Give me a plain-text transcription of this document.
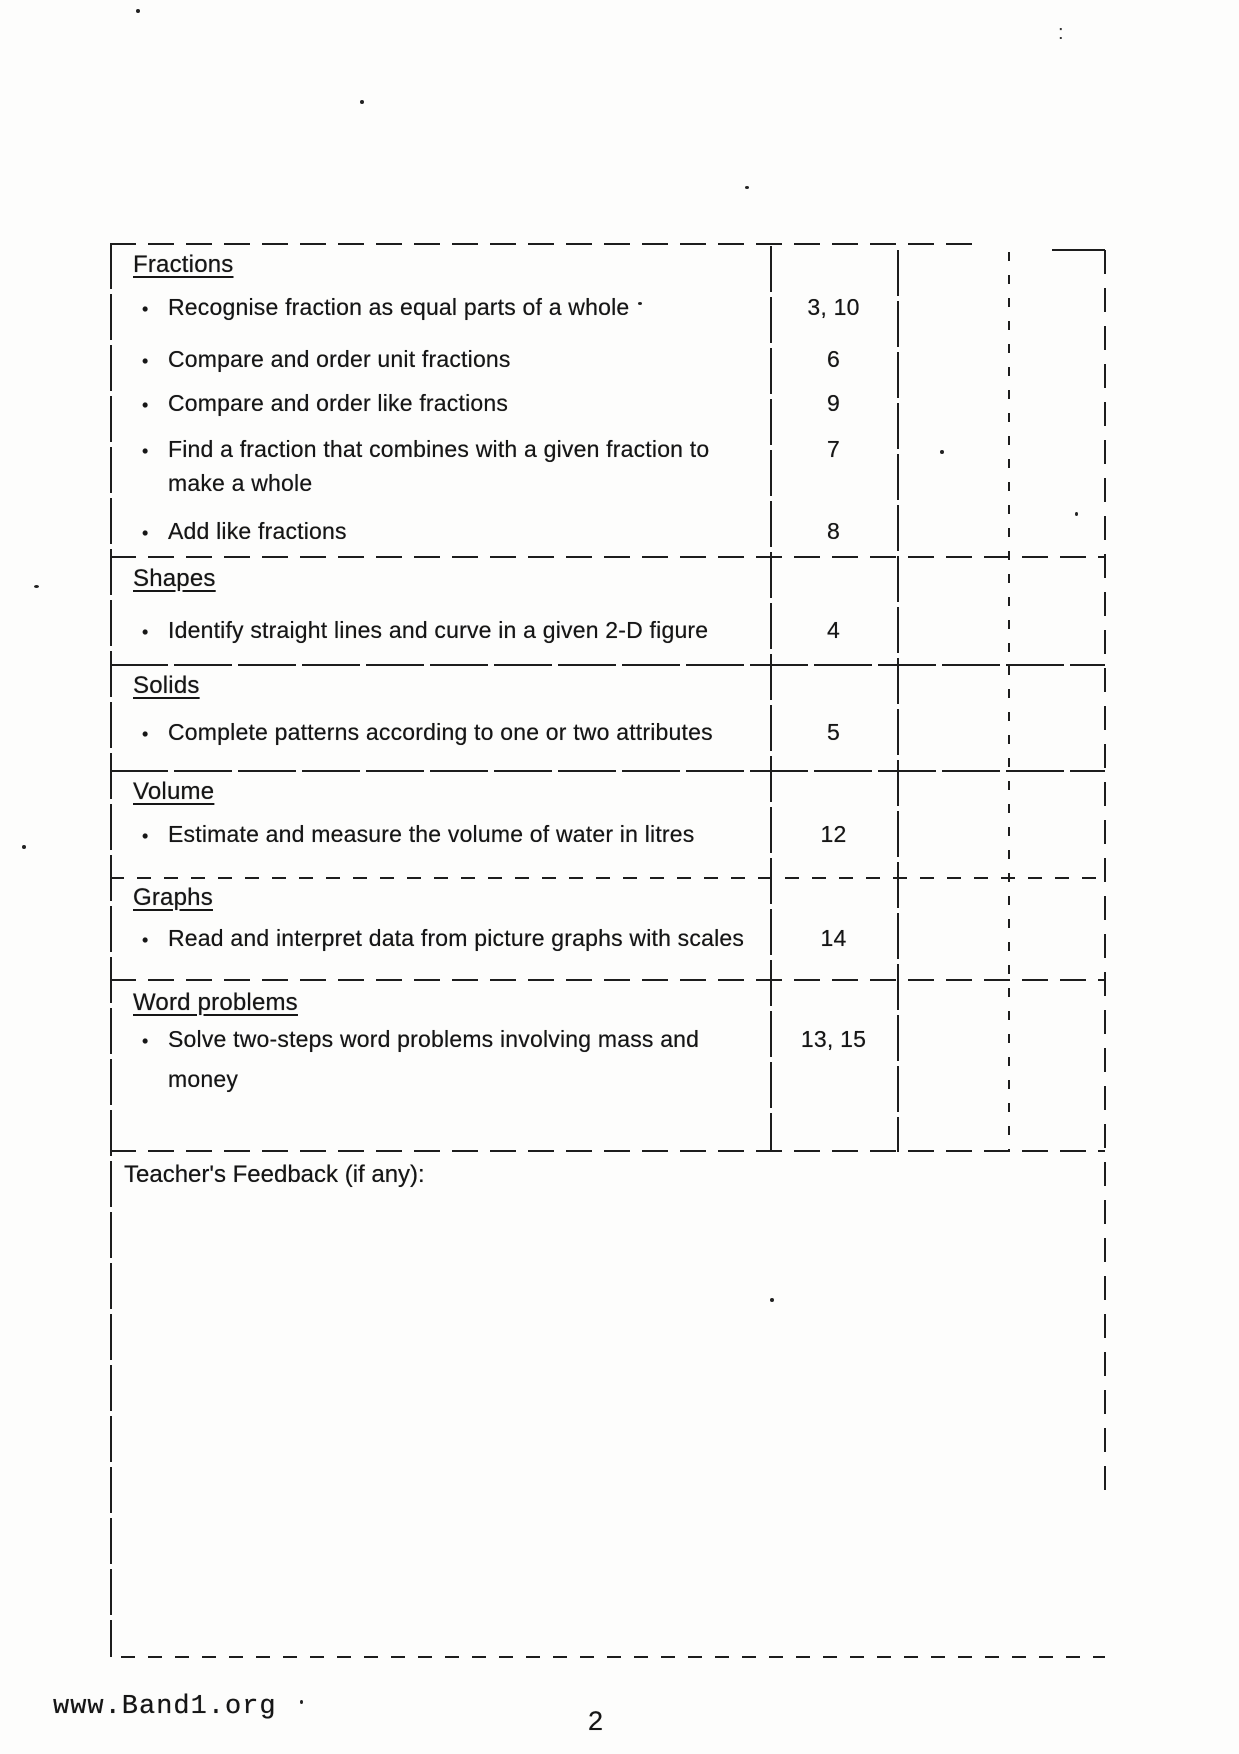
Fractions
• Recognise fraction as equal parts of a whole	3, 10
• Compare and order unit fractions	6
• Compare and order like fractions	9
• Find a fraction that combines with a given fraction to	7
make a whole
• Add like fractions	8
Shapes
• Identify straight lines and curve in a given 2-D figure	4
Solids
• Complete patterns according to one or two attributes	5
Volume
• Estimate and measure the volume of water in litres	12
Graphs
• Read and interpret data from picture graphs with scales	14
Word problems
• Solve two-steps word problems involving mass and	13, 15
money
Teacher's Feedback (if any):
www.Band1.org	2
:
